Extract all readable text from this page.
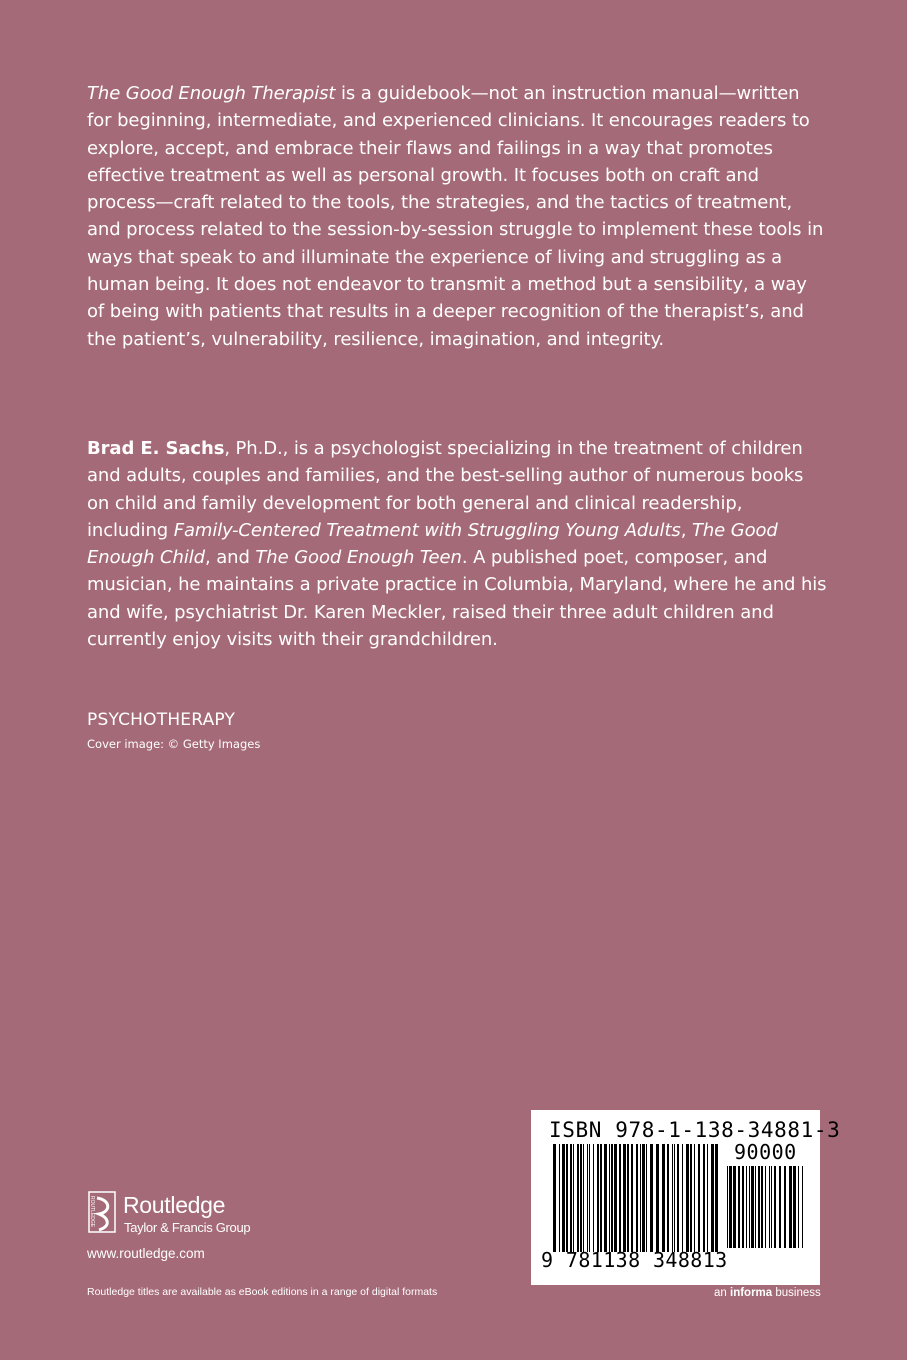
The Good Enough Therapist is a guidebook—not an instruction manual—written for beginning, intermediate, and experienced clinicians. It encourages readers to explore, accept, and embrace their flaws and failings in a way that promotes effective treatment as well as personal growth. It focuses both on craft and process—craft related to the tools, the strategies, and the tactics of treatment, and process related to the session-by-session struggle to implement these tools in ways that speak to and illuminate the experience of living and struggling as a human being. It does not endeavor to transmit a method but a sensibility, a way of being with patients that results in a deeper recognition of the therapist’s, and the patient’s, vulnerability, resilience, imagination, and integrity.

Brad E. Sachs, Ph.D., is a psychologist specializing in the treatment of children and adults, couples and families, and the best-selling author of numerous books on child and family development for both general and clinical readership, including Family-Centered Treatment with Struggling Young Adults, The Good Enough Child, and The Good Enough Teen. A published poet, composer, and musician, he maintains a private practice in Columbia, Maryland, where he and his and wife, psychiatrist Dr. Karen Meckler, raised their three adult children and currently enjoy visits with their grandchildren.

PSYCHOTHERAPY
Cover image: © Getty Images
ROUTLEDGE Routledge
Taylor & Francis Group
www.routledge.com
Routledge titles are available as eBook editions in a range of digital formats
ISBN 978-1-138-34881-3
90000
9 781138 348813
an informa business
